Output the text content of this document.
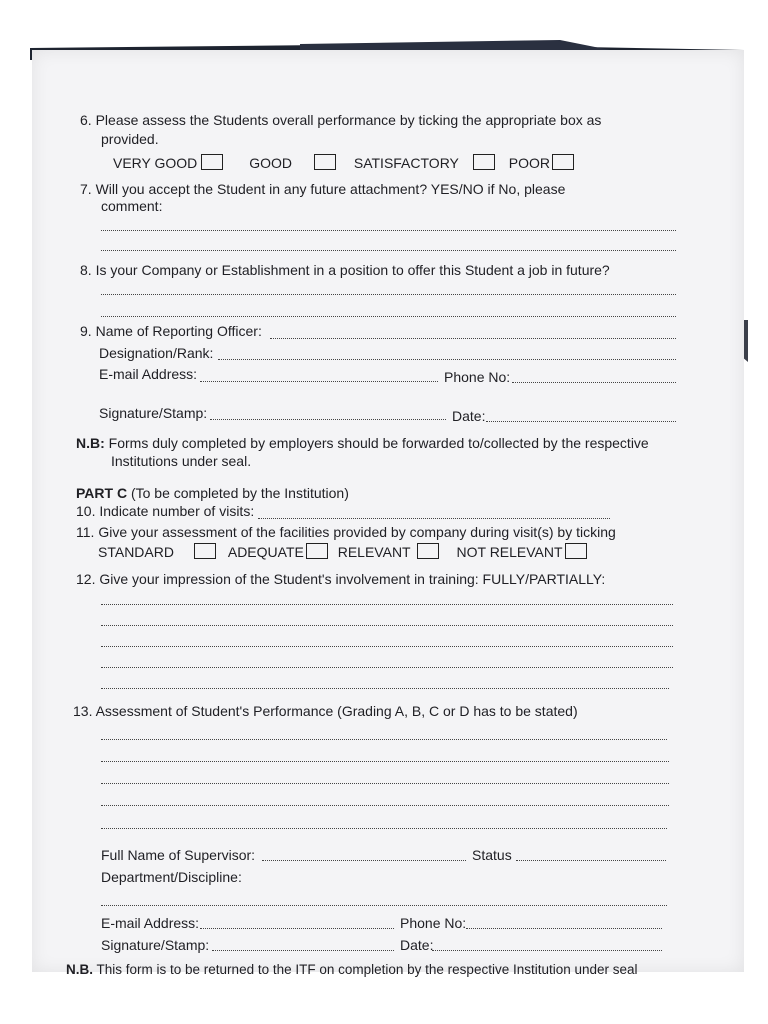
6. Please assess the Students overall performance by ticking the appropriate box as
provided.
VERY GOOD	GOOD	SATISFACTORY	POOR
7. Will you accept the Student in any future attachment? YES/NO if No, please
comment:
8. Is your Company or Establishment in a position to offer this Student a job in future?
9. Name of Reporting Officer:
Designation/Rank:
E-mail Address:	Phone No:
Signature/Stamp:	Date:
N.B: Forms duly completed by employers should be forwarded to/collected by the respective
Institutions under seal.
PART C (To be completed by the Institution)
10. Indicate number of visits:
11. Give your assessment of the facilities provided by company during visit(s) by ticking
STANDARD	ADEQUATE RELEVANT	NOT RELEVANT
12. Give your impression of the Student's involvement in training: FULLY/PARTIALLY:
13. Assessment of Student's Performance (Grading A, B, C or D has to be stated)
Full Name of Supervisor:	Status
Department/Discipline:
E-mail Address:	Phone No:
Signature/Stamp:	Date:
N.B. This form is to be returned to the ITF on completion by the respective Institution under seal
